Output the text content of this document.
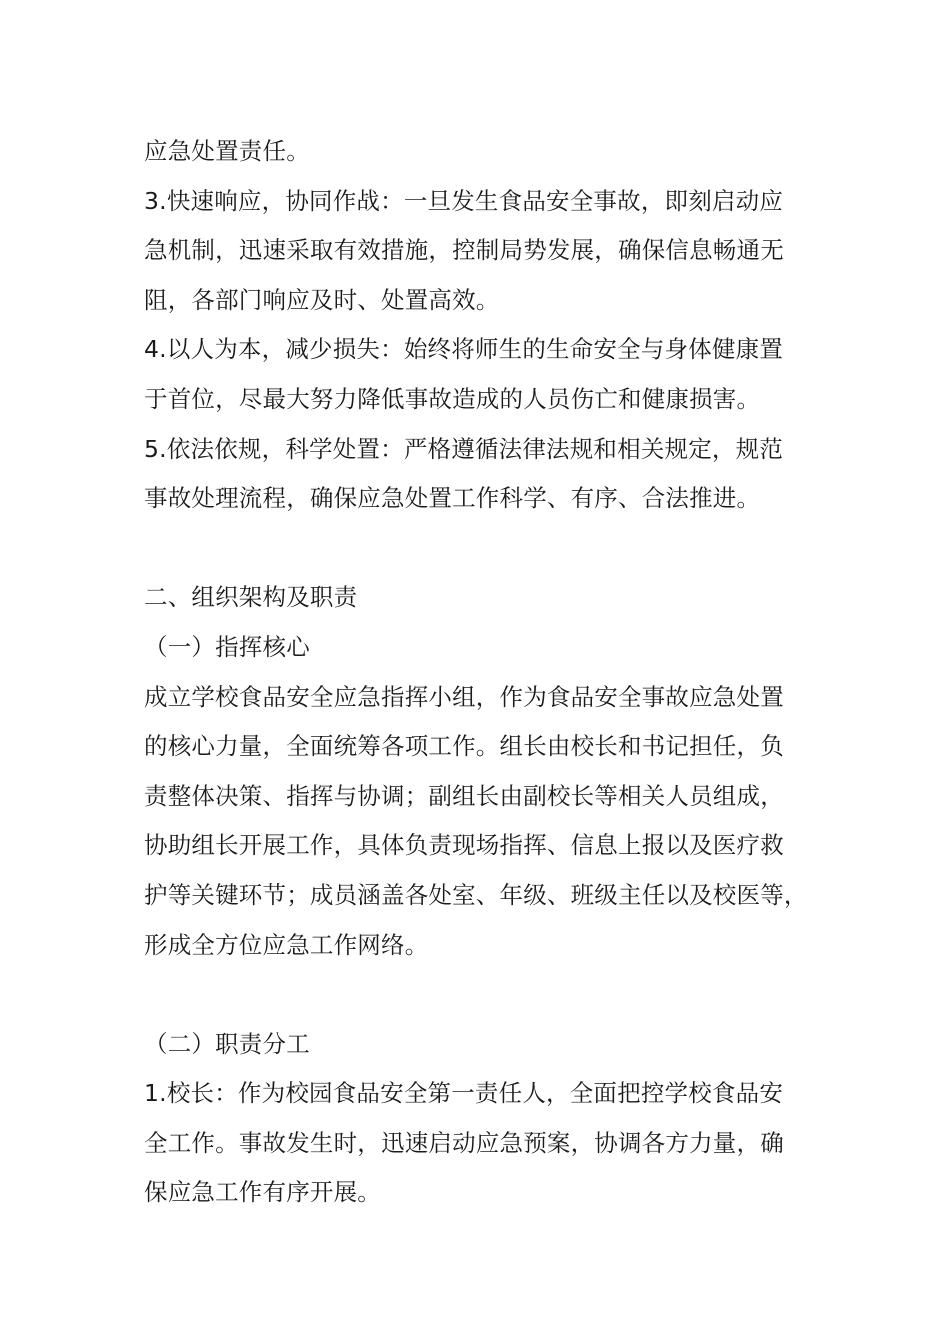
应急处置责任。
3.快速响应，协同作战：一旦发生食品安全事故，即刻启动应
急机制，迅速采取有效措施，控制局势发展，确保信息畅通无
阻，各部门响应及时、处置高效。
4.以人为本，减少损失：始终将师生的生命安全与身体健康置
于首位，尽最大努力降低事故造成的人员伤亡和健康损害。
5.依法依规，科学处置：严格遵循法律法规和相关规定，规范
事故处理流程，确保应急处置工作科学、有序、合法推进。
二、组织架构及职责
（一）指挥核心
成立学校食品安全应急指挥小组，作为食品安全事故应急处置
的核心力量，全面统筹各项工作。组长由校长和书记担任，负
责整体决策、指挥与协调；副组长由副校长等相关人员组成，
协助组长开展工作，具体负责现场指挥、信息上报以及医疗救
护等关键环节；成员涵盖各处室、年级、班级主任以及校医等，
形成全方位应急工作网络。
（二）职责分工
1.校长：作为校园食品安全第一责任人，全面把控学校食品安
全工作。事故发生时，迅速启动应急预案，协调各方力量，确
保应急工作有序开展。
